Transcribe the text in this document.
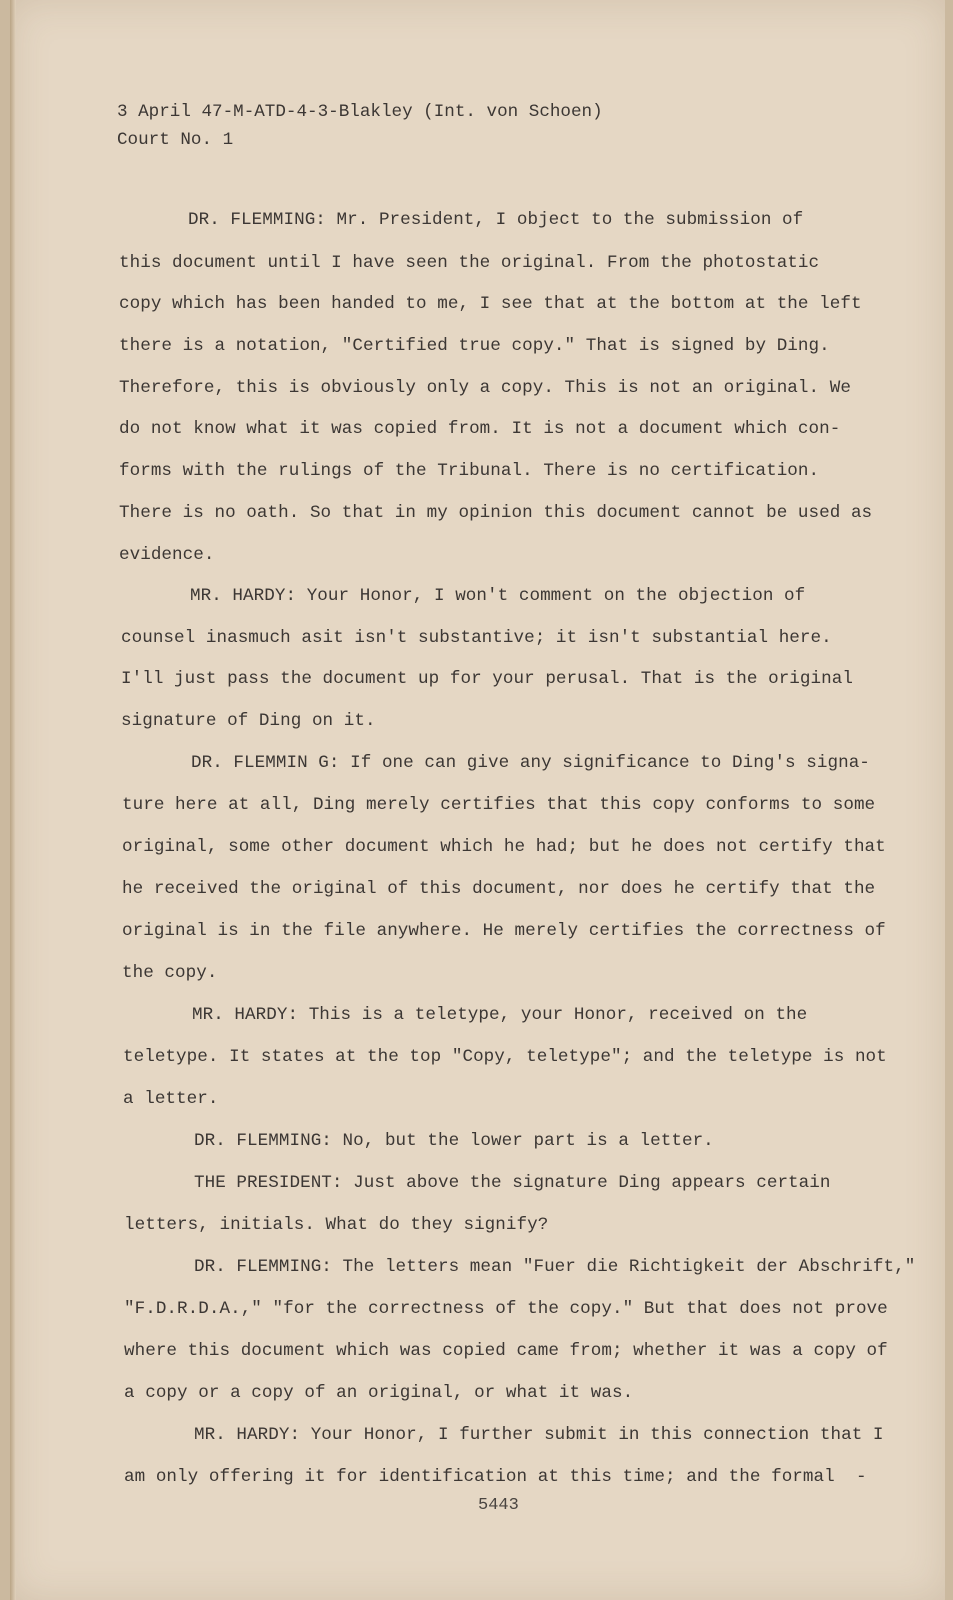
3 April 47-M-ATD-4-3-Blakley (Int. von Schoen)
Court No. 1
DR. FLEMMING: Mr. President, I object to the submission of
this document until I have seen the original. From the photostatic
copy which has been handed to me, I see that at the bottom at the left
there is a notation, "Certified true copy." That is signed by Ding.
Therefore, this is obviously only a copy. This is not an original. We
do not know what it was copied from. It is not a document which con-
forms with the rulings of the Tribunal. There is no certification.
There is no oath. So that in my opinion this document cannot be used as
evidence.
MR. HARDY: Your Honor, I won't comment on the objection of
counsel inasmuch asit isn't substantive; it isn't substantial here.
I'll just pass the document up for your perusal. That is the original
signature of Ding on it.
DR. FLEMMIN G: If one can give any significance to Ding's signa-
ture here at all, Ding merely certifies that this copy conforms to some
original, some other document which he had; but he does not certify that
he received the original of this document, nor does he certify that the
original is in the file anywhere. He merely certifies the correctness of
the copy.
MR. HARDY: This is a teletype, your Honor, received on the
teletype. It states at the top "Copy, teletype"; and the teletype is not
a letter.
DR. FLEMMING: No, but the lower part is a letter.
THE PRESIDENT: Just above the signature Ding appears certain
letters, initials. What do they signify?
DR. FLEMMING: The letters mean "Fuer die Richtigkeit der Abschrift,"
"F.D.R.D.A.," "for the correctness of the copy." But that does not prove
where this document which was copied came from; whether it was a copy of
a copy or a copy of an original, or what it was.
MR. HARDY: Your Honor, I further submit in this connection that I
am only offering it for identification at this time; and the formal  -
5443
